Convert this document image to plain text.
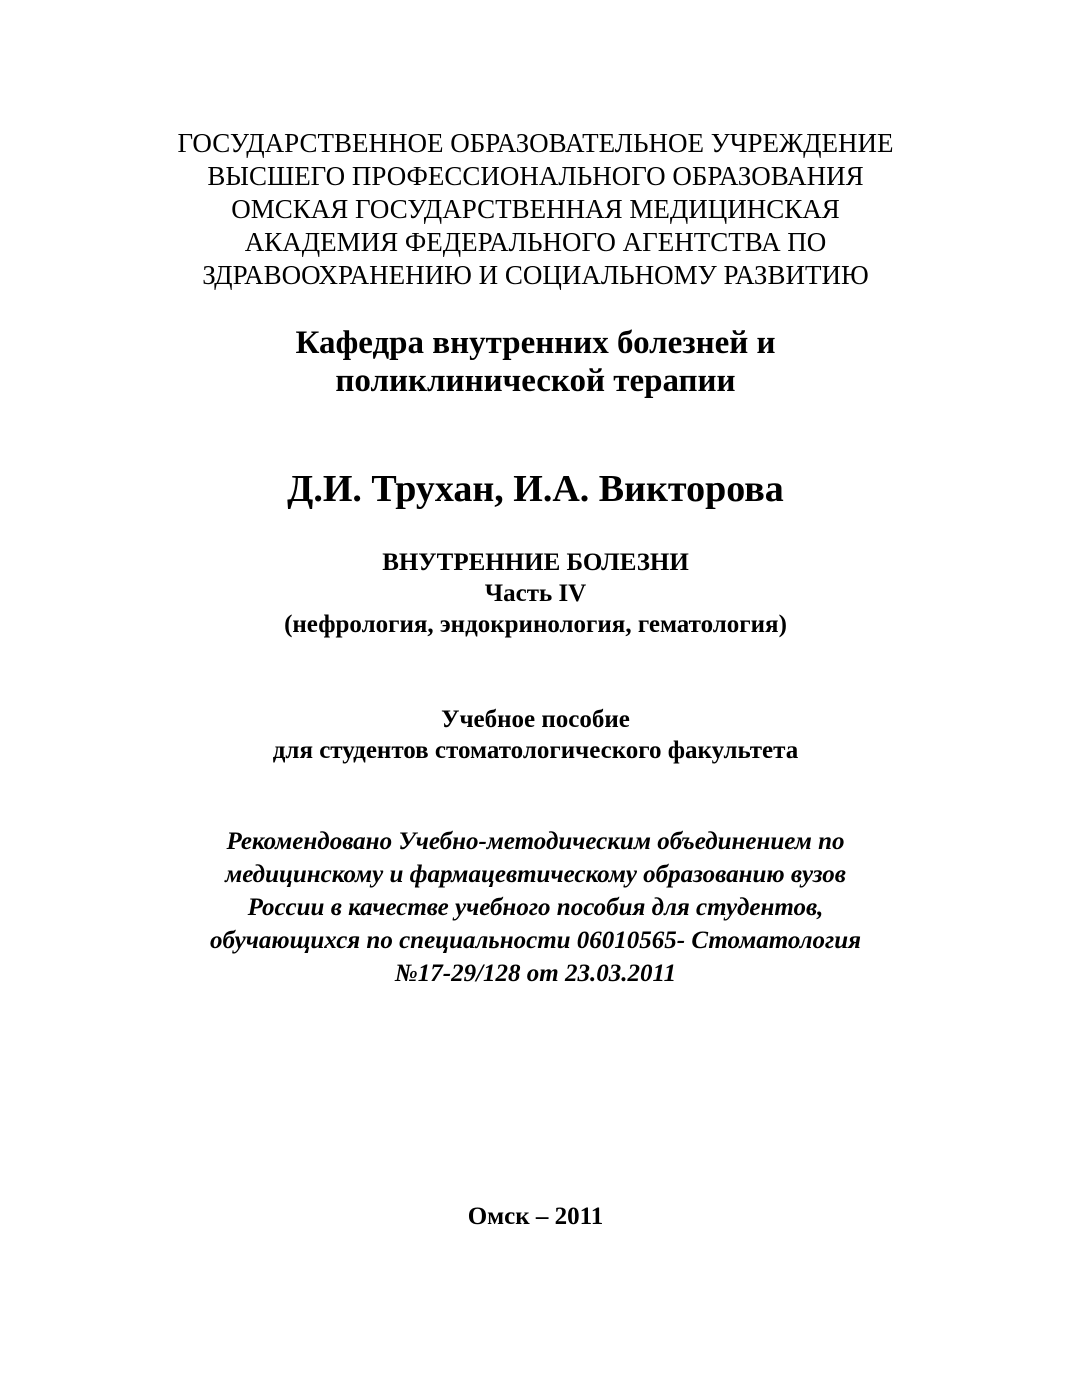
ГОСУДАРСТВЕННОЕ ОБРАЗОВАТЕЛЬНОЕ УЧРЕЖДЕНИЕ
ВЫСШЕГО ПРОФЕССИОНАЛЬНОГО ОБРАЗОВАНИЯ
ОМСКАЯ ГОСУДАРСТВЕННАЯ МЕДИЦИНСКАЯ
АКАДЕМИЯ ФЕДЕРАЛЬНОГО АГЕНТСТВА ПО
ЗДРАВООХРАНЕНИЮ И СОЦИАЛЬНОМУ РАЗВИТИЮ
Кафедра внутренних болезней и
поликлинической терапии
Д.И. Трухан, И.А. Викторова
ВНУТРЕННИЕ БОЛЕЗНИ
Часть IV
(нефрология, эндокринология, гематология)
Учебное пособие
для студентов стоматологического факультета
Рекомендовано Учебно-методическим объединением по
медицинскому и фармацевтическому образованию вузов
России в качестве учебного пособия для студентов,
обучающихся по специальности 06010565- Стоматология
№17-29/128 от 23.03.2011
Омск – 2011
